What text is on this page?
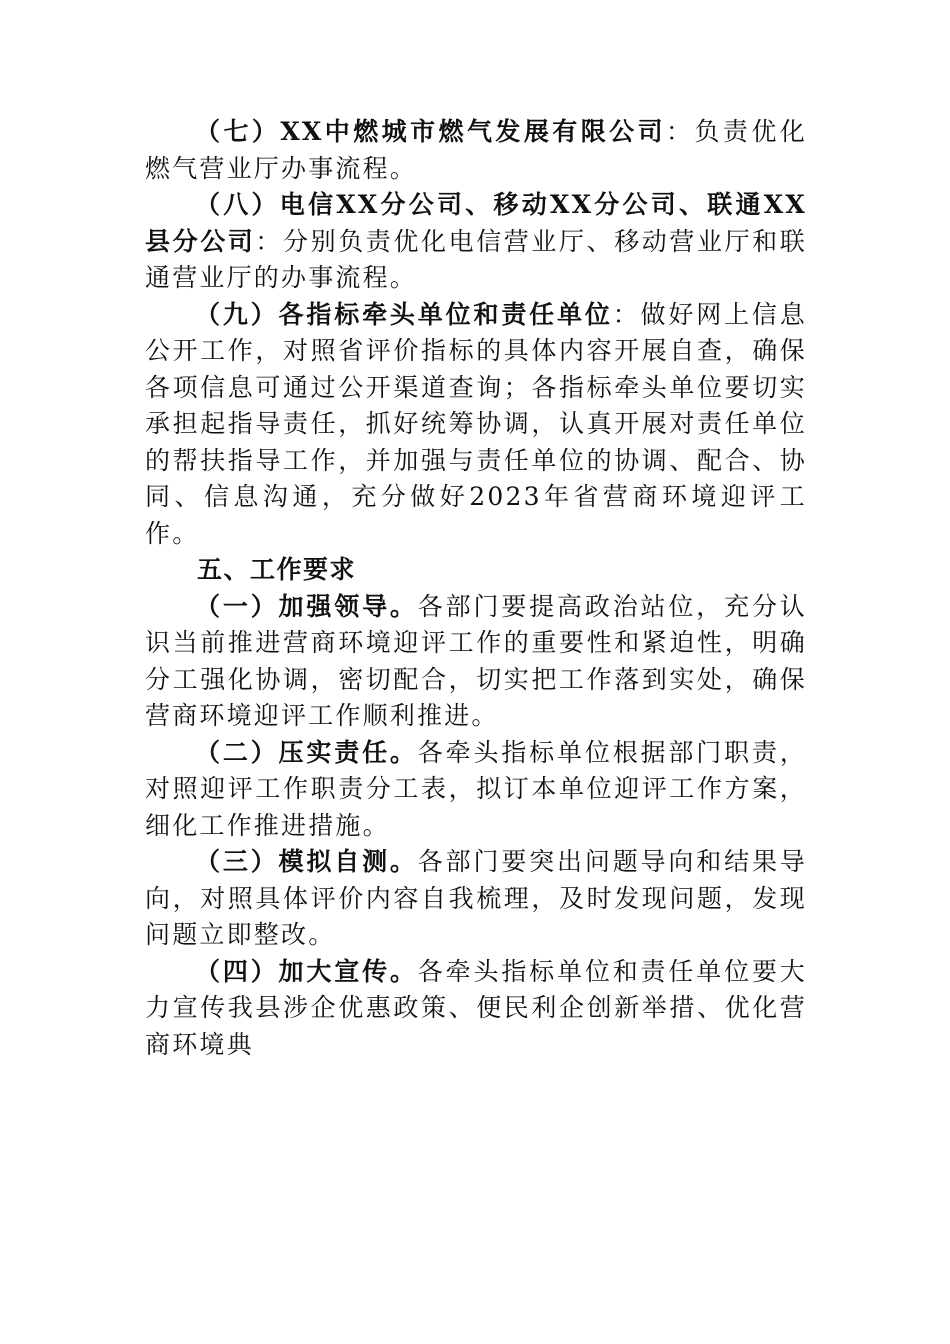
（七）XX中燃城市燃气发展有限公司：负责优化燃气营业厅办事流程。

（八）电信XX分公司、移动XX分公司、联通XX县分公司：分别负责优化电信营业厅、移动营业厅和联通营业厅的办事流程。

（九）各指标牵头单位和责任单位：做好网上信息公开工作，对照省评价指标的具体内容开展自查，确保各项信息可通过公开渠道查询；各指标牵头单位要切实承担起指导责任，抓好统筹协调，认真开展对责任单位的帮扶指导工作，并加强与责任单位的协调、配合、协同、信息沟通，充分做好2023年省营商环境迎评工作。

五、工作要求

（一）加强领导。各部门要提高政治站位，充分认识当前推进营商环境迎评工作的重要性和紧迫性，明确分工强化协调，密切配合，切实把工作落到实处，确保营商环境迎评工作顺利推进。

（二）压实责任。各牵头指标单位根据部门职责，对照迎评工作职责分工表，拟订本单位迎评工作方案，细化工作推进措施。

（三）模拟自测。各部门要突出问题导向和结果导向，对照具体评价内容自我梳理，及时发现问题，发现问题立即整改。

（四）加大宣传。各牵头指标单位和责任单位要大力宣传我县涉企优惠政策、便民利企创新举措、优化营商环境典
